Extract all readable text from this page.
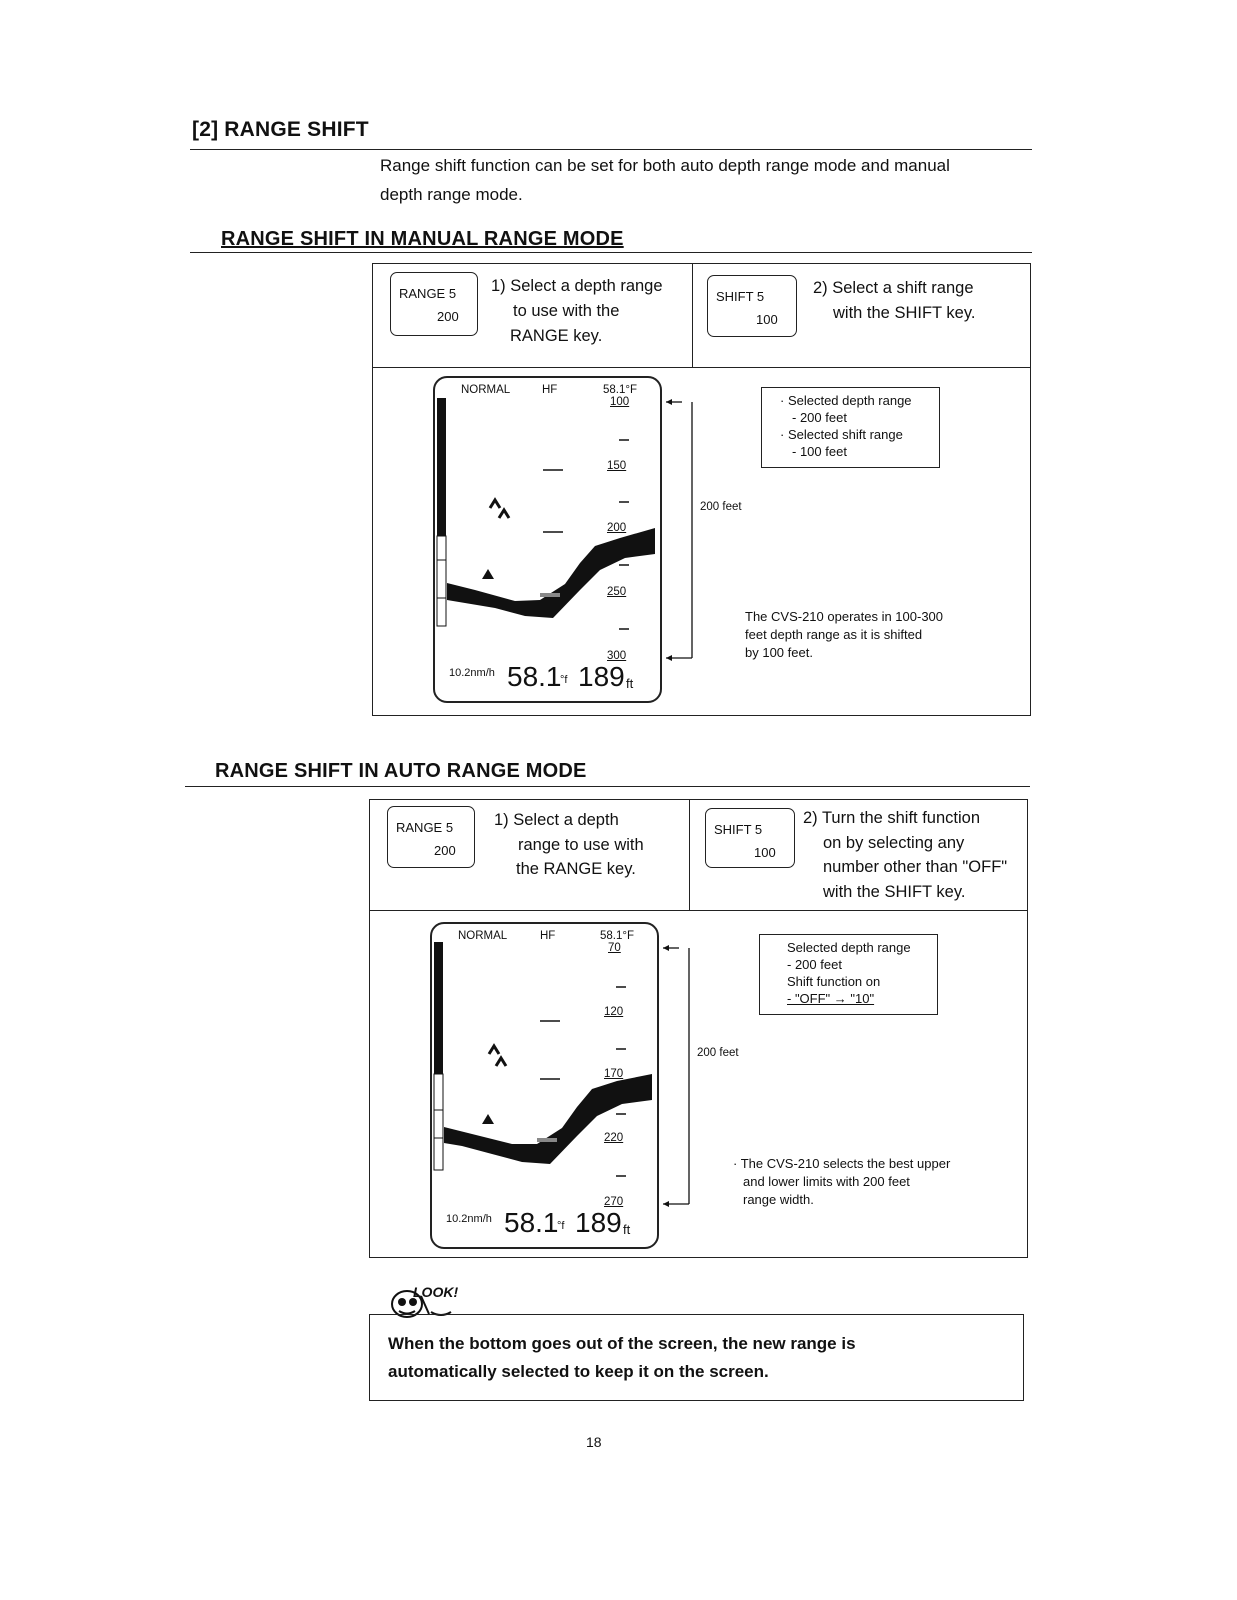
[2] RANGE SHIFT
Range shift function can be set for both auto depth range mode and manual
depth range mode.
RANGE SHIFT IN MANUAL RANGE MODE
RANGE 5
200
1) Select a depth range
to use with the
RANGE key.
SHIFT 5
100
2) Select a shift range
with the SHIFT key.
NORMAL	HF	58.1°F
100
150
200
250
300
10.2nm/h 58.1
°f 189 ft
200 feet
· Selected depth range
- 200 feet
· Selected shift range
- 100 feet
The CVS-210 operates in 100-300
feet depth range as it is shifted
by 100 feet.
RANGE SHIFT IN AUTO RANGE MODE
RANGE 5
200
1) Select a depth
range to use with
the RANGE key.
SHIFT 5
100
2) Turn the shift function
on by selecting any
number other than "OFF"
with the SHIFT key.
NORMAL	HF	58.1°F
70
120
170
220
270
10.2nm/h 58.1
°f 189 ft
200 feet
Selected depth range
- 200 feet
Shift function on
- "OFF" → "10"
· The CVS-210 selects the best upper
and lower limits with 200 feet
range width.
LOOK!
When the bottom goes out of the screen, the new range is
automatically selected to keep it on the screen.
18
